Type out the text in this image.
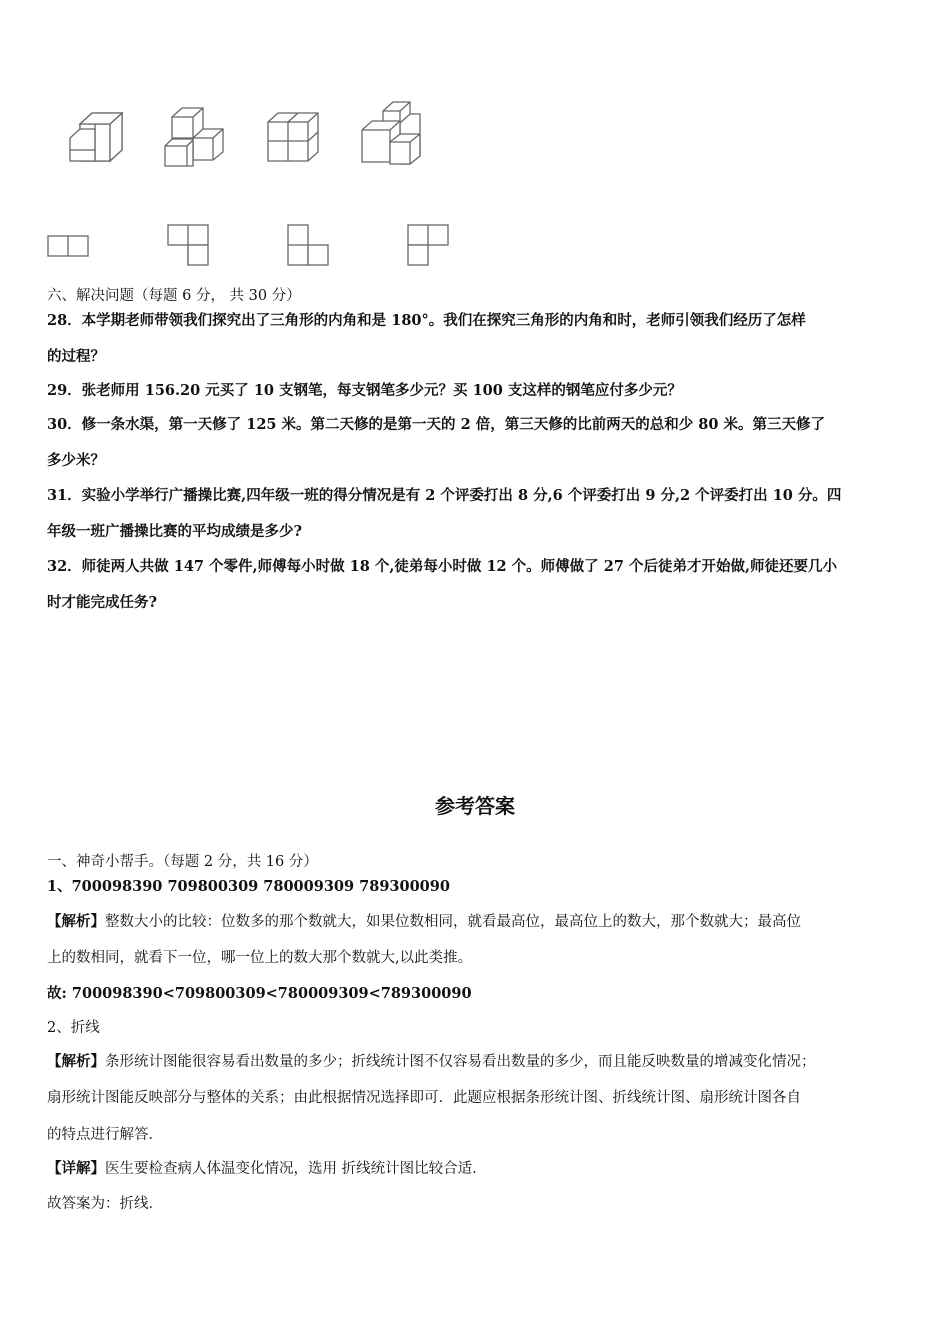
六、解决问题（每题 6 分， 共 30 分）
28．本学期老师带领我们探究出了三角形的内角和是 180°。我们在探究三角形的内角和时，老师引领我们经历了怎样
的过程？
29．张老师用 156.20 元买了 10 支钢笔，每支钢笔多少元？买 100 支这样的钢笔应付多少元？
30．修一条水渠，第一天修了 125 米。第二天修的是第一天的 2 倍，第三天修的比前两天的总和少 80 米。第三天修了
多少米？
31．实验小学举行广播操比赛,四年级一班的得分情况是有 2 个评委打出 8 分,6 个评委打出 9 分,2 个评委打出 10 分。四
年级一班广播操比赛的平均成绩是多少?
32．师徒两人共做 147 个零件,师傅每小时做 18 个,徒弟每小时做 12 个。师傅做了 27 个后徒弟才开始做,师徒还要几小
时才能完成任务?
参考答案
一、神奇小帮手。（每题 2 分，共 16 分）
1、700098390 709800309 780009309 789300090
【解析】整数大小的比较：位数多的那个数就大，如果位数相同，就看最高位，最高位上的数大，那个数就大；最高位
上的数相同，就看下一位，哪一位上的数大那个数就大,以此类推。
故: 700098390<709800309<780009309<789300090
2、折线
【解析】条形统计图能很容易看出数量的多少；折线统计图不仅容易看出数量的多少，而且能反映数量的增减变化情况；
扇形统计图能反映部分与整体的关系；由此根据情况选择即可．此题应根据条形统计图、折线统计图、扇形统计图各自
的特点进行解答．
【详解】医生要检查病人体温变化情况，选用 折线统计图比较合适．
故答案为：折线．
